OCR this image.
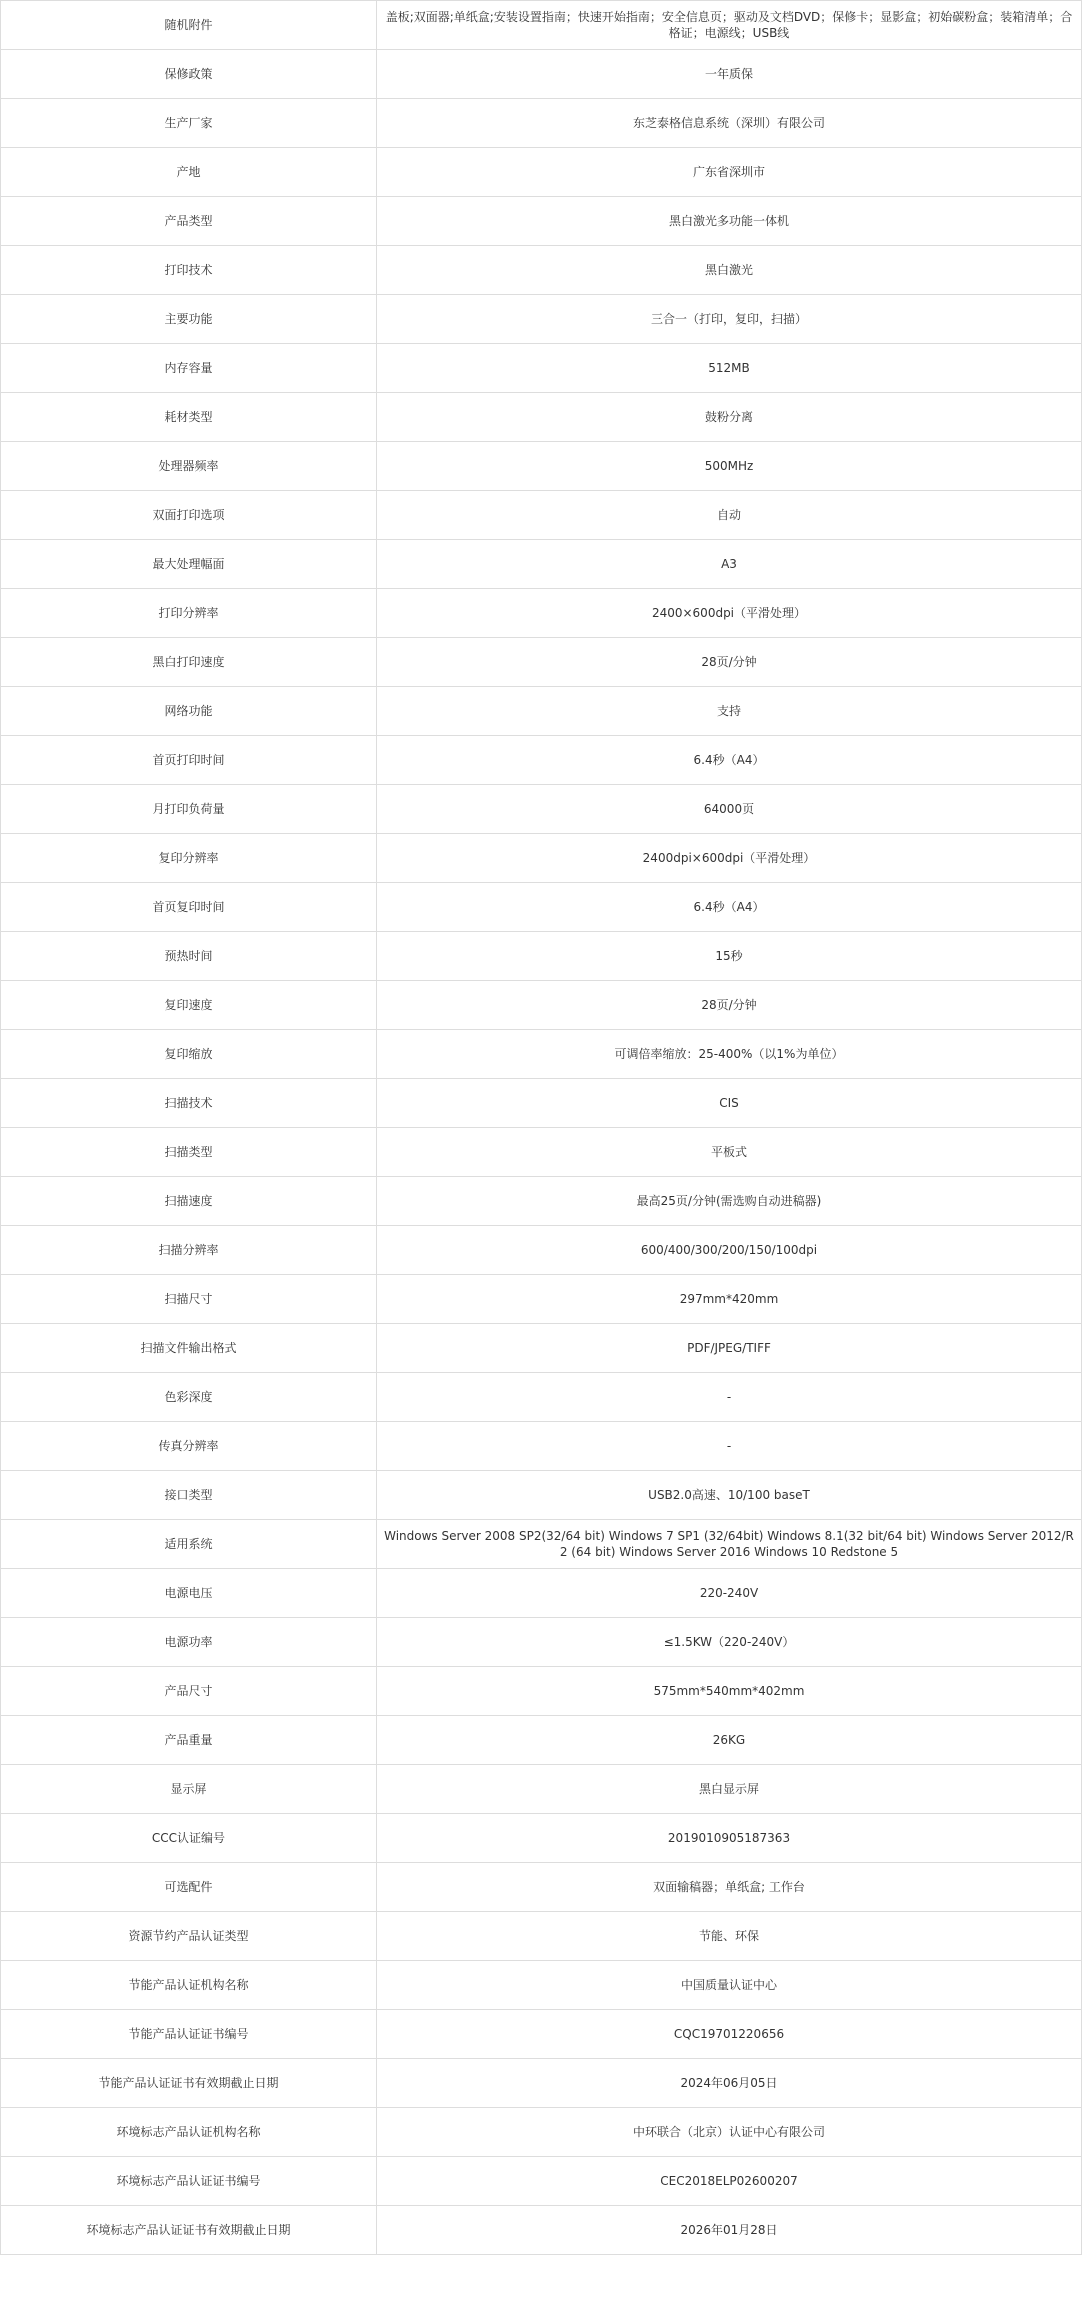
随机附件	盖板;双面器;单纸盒;安装设置指南；快速开始指南；安全信息页；驱动及文档DVD；保修卡；显影盒；初始碳粉盒；装箱清单；合格证；电源线；USB线
保修政策	一年质保
生产厂家	东芝泰格信息系统（深圳）有限公司
产地	广东省深圳市
产品类型	黑白激光多功能一体机
打印技术	黑白激光
主要功能	三合一（打印，复印，扫描）
内存容量	512MB
耗材类型	鼓粉分离
处理器频率	500MHz
双面打印选项	自动
最大处理幅面	A3
打印分辨率	2400×600dpi（平滑处理）
黑白打印速度	28页/分钟
网络功能	支持
首页打印时间	6.4秒（A4）
月打印负荷量	64000页
复印分辨率	2400dpi×600dpi（平滑处理）
首页复印时间	6.4秒（A4）
预热时间	15秒
复印速度	28页/分钟
复印缩放	可调倍率缩放：25-400%（以1%为单位）
扫描技术	CIS
扫描类型	平板式
扫描速度	最高25页/分钟(需选购自动进稿器)
扫描分辨率	600/400/300/200/150/100dpi
扫描尺寸	297mm*420mm
扫描文件输出格式	PDF/JPEG/TIFF
色彩深度	-
传真分辨率	-
接口类型	USB2.0高速、10/100 baseT
适用系统	Windows Server 2008 SP2(32/64 bit) Windows 7 SP1 (32/64bit) Windows 8.1(32 bit/64 bit) Windows Server 2012/R2 (64 bit) Windows Server 2016 Windows 10 Redstone 5
电源电压	220-240V
电源功率	≤1.5KW（220-240V）
产品尺寸	575mm*540mm*402mm
产品重量	26KG
显示屏	黑白显示屏
CCC认证编号	2019010905187363
可选配件	双面输稿器；单纸盒; 工作台
资源节约产品认证类型	节能、环保
节能产品认证机构名称	中国质量认证中心
节能产品认证证书编号	CQC19701220656
节能产品认证证书有效期截止日期	2024年06月05日
环境标志产品认证机构名称	中环联合（北京）认证中心有限公司
环境标志产品认证证书编号	CEC2018ELP02600207
环境标志产品认证证书有效期截止日期	2026年01月28日
